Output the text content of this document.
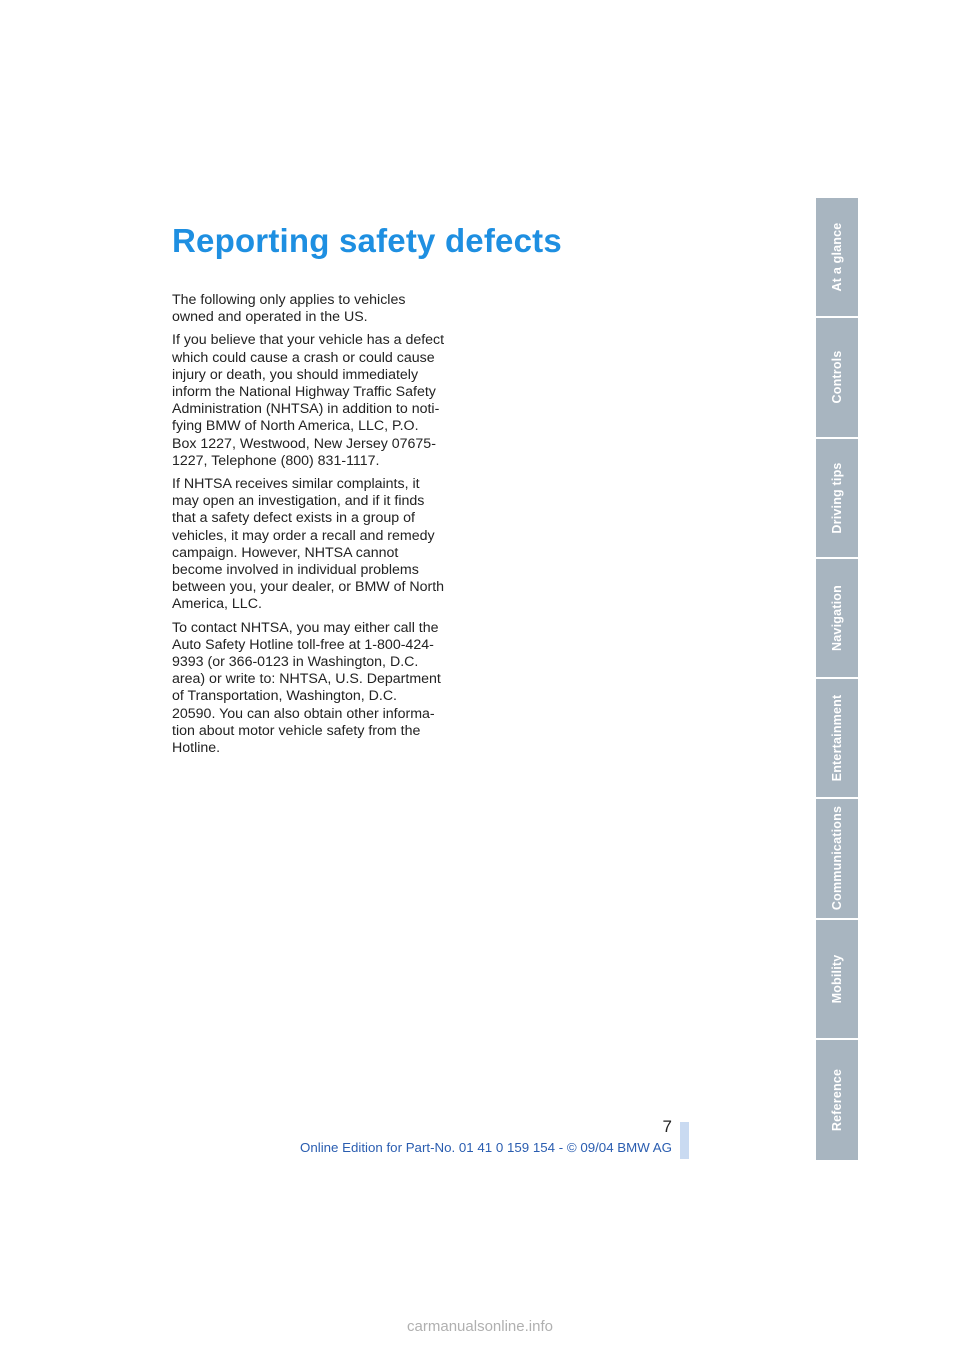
Reporting safety defects

The following only applies to vehicles
owned and operated in the US.

If you believe that your vehicle has a defect
which could cause a crash or could cause
injury or death, you should immediately
inform the National Highway Traffic Safety
Administration (NHTSA) in addition to noti-
fying BMW of North America, LLC, P.O.
Box 1227, Westwood, New Jersey 07675-
1227, Telephone (800) 831-1117.

If NHTSA receives similar complaints, it
may open an investigation, and if it finds
that a safety defect exists in a group of
vehicles, it may order a recall and remedy
campaign. However, NHTSA cannot
become involved in individual problems
between you, your dealer, or BMW of North
America, LLC.

To contact NHTSA, you may either call the
Auto Safety Hotline toll-free at 1-800-424-
9393 (or 366-0123 in Washington, D.C.
area) or write to: NHTSA, U.S. Department
of Transportation, Washington, D.C.
20590. You can also obtain other informa-
tion about motor vehicle safety from the
Hotline.

At a glance
Controls
Driving tips
Navigation
Entertainment
Communications
Mobility
Reference
7
Online Edition for Part-No. 01 41 0 159 154 - © 09/04 BMW AG
carmanualsonline.info
